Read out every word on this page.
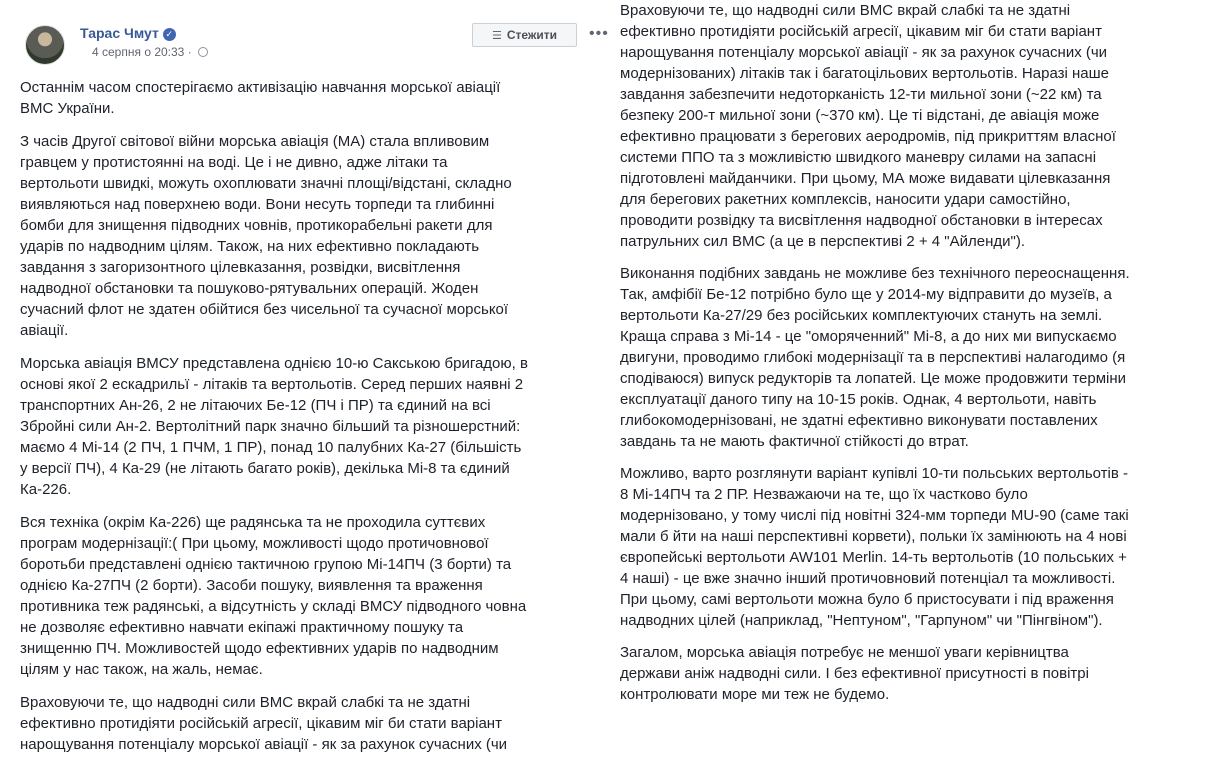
Тарас Чмут ✓
4 серпня о 20:33 ·
☰ Стежити •••

Останнім часом спостерігаємо активізацію навчання морської авіації
ВМС України.

З часів Другої світової війни морська авіація (МА) стала впливовим
гравцем у протистоянні на воді. Це і не дивно, адже літаки та
вертольоти швидкі, можуть охоплювати значні площі/відстані, складно
виявляються над поверхнею води. Вони несуть торпеди та глибинні
бомби для знищення підводних човнів, протикорабельні ракети для
ударів по надводним цілям. Також, на них ефективно покладають
завдання з загоризонтного цілевказання, розвідки, висвітлення
надводної обстановки та пошуково-рятувальних операцій. Жоден
сучасний флот не здатен обійтися без чисельної та сучасної морської
авіації.

Морська авіація ВМСУ представлена однією 10-ю Сакською бригадою, в
основі якої 2 ескадрильї - літаків та вертольотів. Серед перших наявні 2
транспортних Ан-26, 2 не літаючих Бе-12 (ПЧ і ПР) та єдиний на всі
Збройні сили Ан-2. Вертолітний парк значно більший та різношерстний:
маємо 4 Мі-14 (2 ПЧ, 1 ПЧМ, 1 ПР), понад 10 палубних Ка-27 (більшість
у версії ПЧ), 4 Ка-29 (не літають багато років), декілька Мі-8 та єдиний
Ка-226.

Вся техніка (окрім Ка-226) ще радянська та не проходила суттєвих
програм модернізації:( При цьому, можливості щодо протичовнової
боротьби представлені однією тактичною групою Мі-14ПЧ (3 борти) та
однією Ка-27ПЧ (2 борти). Засоби пошуку, виявлення та враження
противника теж радянські, а відсутність у складі ВМСУ підводного човна
не дозволяє ефективно навчати екіпажі практичному пошуку та
знищенню ПЧ. Можливостей щодо ефективних ударів по надводним
цілям у нас також, на жаль, немає.

Враховуючи те, що надводні сили ВМС вкрай слабкі та не здатні
ефективно протидіяти російській агресії, цікавим міг би стати варіант
нарощування потенціалу морської авіації - як за рахунок сучасних (чи

Враховуючи те, що надводні сили ВМС вкрай слабкі та не здатні
ефективно протидіяти російській агресії, цікавим міг би стати варіант
нарощування потенціалу морської авіації - як за рахунок сучасних (чи
модернізованих) літаків так і багатоцільових вертольотів. Наразі наше
завдання забезпечити недоторканість 12-ти мильної зони (~22 км) та
безпеку 200-т мильної зони (~370 км). Це ті відстані, де авіація може
ефективно працювати з берегових аеродромів, під прикриттям власної
системи ППО та з можливістю швидкого маневру силами на запасні
підготовлені майданчики. При цьому, МА може видавати цілевказання
для берегових ракетних комплексів, наносити удари самостійно,
проводити розвідку та висвітлення надводної обстановки в інтересах
патрульних сил ВМС (а це в перспективі 2 + 4 "Айленди").

Виконання подібних завдань не можливе без технічного переоснащення.
Так, амфібії Бе-12 потрібно було ще у 2014-му відправити до музеїв, а
вертольоти Ка-27/29 без російських комплектуючих стануть на землі.
Краща справа з Мі-14 - це "оморяченний" Мі-8, а до них ми випускаємо
двигуни, проводимо глибокі модернізації та в перспективі налагодимо (я
сподіваюся) випуск редукторів та лопатей. Це може продовжити терміни
експлуатації даного типу на 10-15 років. Однак, 4 вертольоти, навіть
глибокомодернізовані, не здатні ефективно виконувати поставлених
завдань та не мають фактичної стійкості до втрат.

Можливо, варто розглянути варіант купівлі 10-ти польських вертольотів -
8 Мі-14ПЧ та 2 ПР. Незважаючи на те, що їх частково було
модернізовано, у тому числі під новітні 324-мм торпеди MU-90 (саме такі
мали б йти на наші перспективні корвети), польки їх замінюють на 4 нові
європейські вертольоти AW101 Merlin. 14-ть вертольотів (10 польських +
4 наші) - це вже значно інший протичовновий потенціал та можливості.
При цьому, самі вертольоти можна було б пристосувати і під враження
надводних цілей (наприклад, "Нептуном", "Гарпуном" чи "Пінгвіном").

Загалом, морська авіація потребує не меншої уваги керівництва
держави аніж надводні сили. І без ефективної присутності в повітрі
контролювати море ми теж не будемо.
